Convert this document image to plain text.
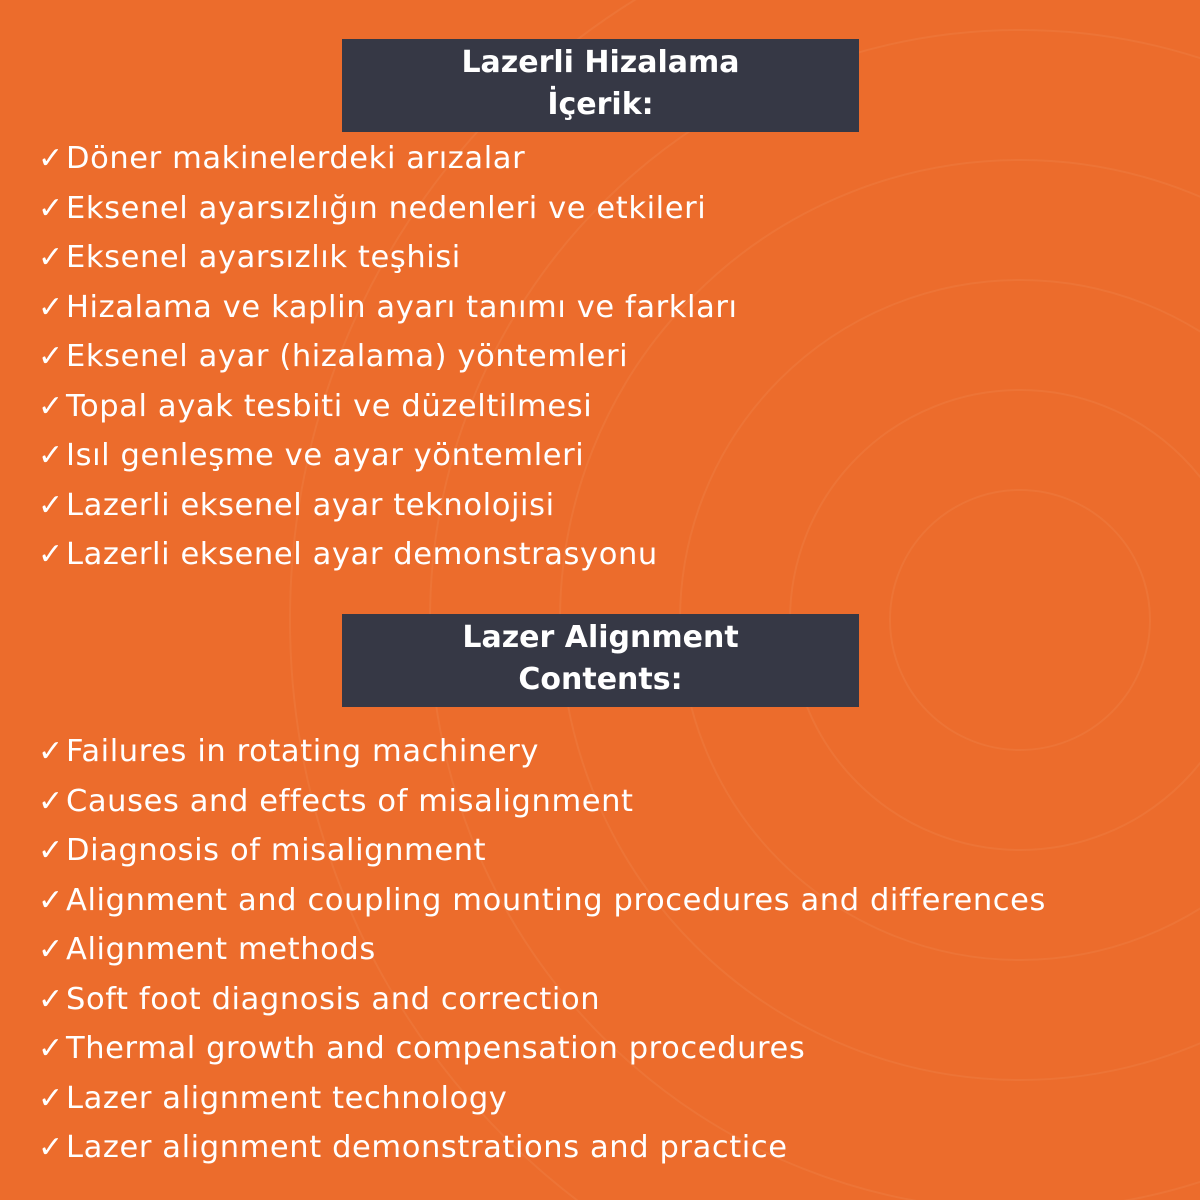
Lazerli Hizalama
İçerik:
✓Döner makinelerdeki arızalar
✓Eksenel ayarsızlığın nedenleri ve etkileri
✓Eksenel ayarsızlık teşhisi
✓Hizalama ve kaplin ayarı tanımı ve farkları
✓Eksenel ayar (hizalama) yöntemleri
✓Topal ayak tesbiti ve düzeltilmesi
✓Isıl genleşme ve ayar yöntemleri
✓Lazerli eksenel ayar teknolojisi
✓Lazerli eksenel ayar demonstrasyonu
Lazer Alignment
Contents:
✓Failures in rotating machinery
✓Causes and effects of misalignment
✓Diagnosis of misalignment
✓Alignment and coupling mounting procedures and differences
✓Alignment methods
✓Soft foot diagnosis and correction
✓Thermal growth and compensation procedures
✓Lazer alignment technology
✓Lazer alignment demonstrations and practice
